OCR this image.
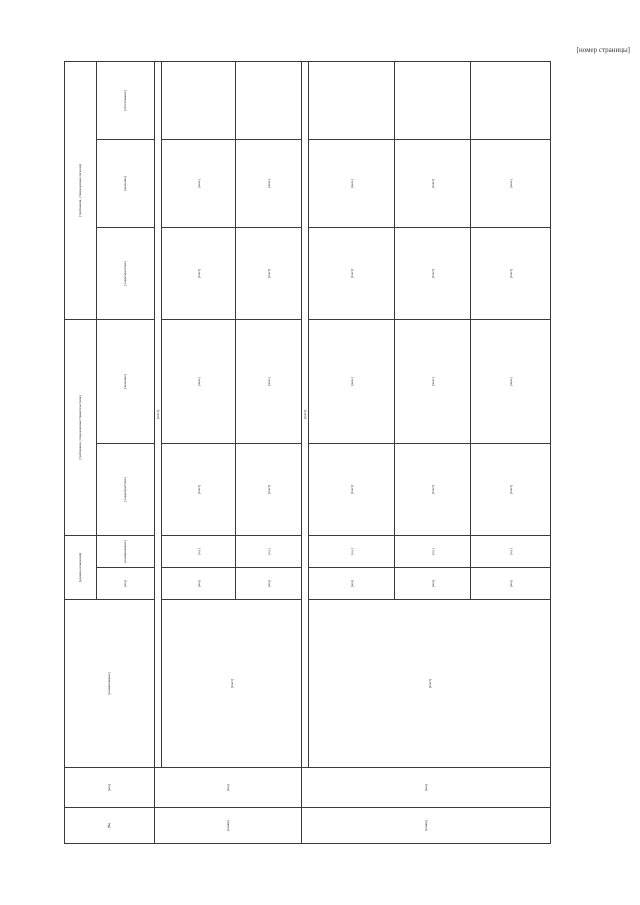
[номер страницы]
[№]	[код]	[наименование]	[единица измерения]		[требования, утвержденные Правительством]		[требования, утвержденные органом]		
			[код]	[наименование]	[характеристика]	[значение]	[характеристика]	[значение]	[обоснование]
[номер]	[код]	[текст]							
		[текст]							
			[код]	[ед.]	[текст]	[знач.]	[текст]	[знач.]	
			[код]	[ед.]	[текст]	[знач.]	[текст]	[знач.]	
[номер]	[код]	[текст]							
		[текст]							
			[код]	[ед.]	[текст]	[знач.]	[текст]	[знач.]	
			[код]	[ед.]	[текст]	[знач.]	[текст]	[текст]	
			[код]	[ед.]	[текст]	[знач.]	[текст]	[знач.]	
